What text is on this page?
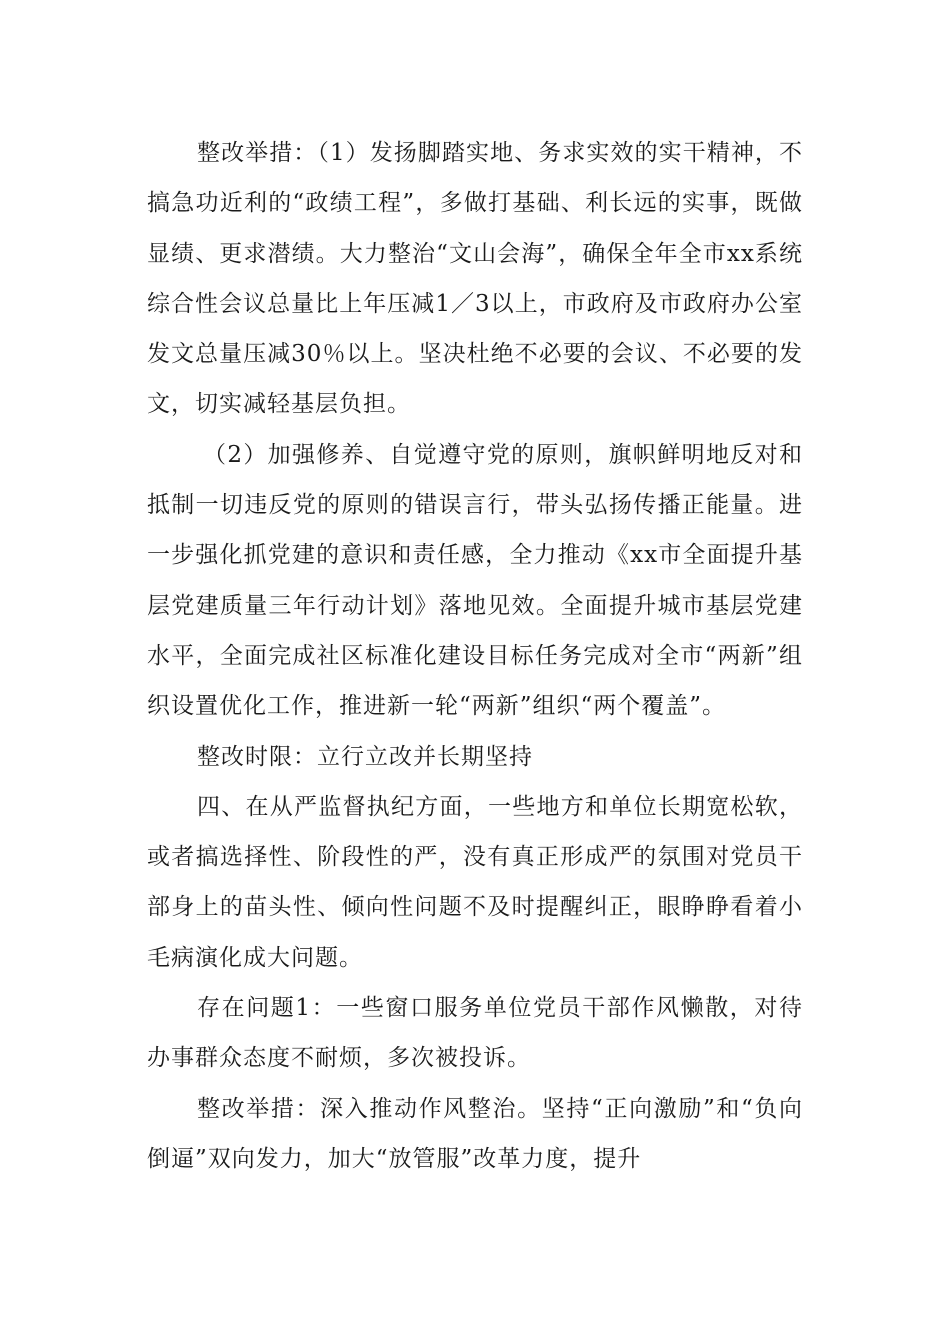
整改举措：（1）发扬脚踏实地、务求实效的实干精神，不搞急功近利的“政绩工程”，多做打基础、利长远的实事，既做显绩、更求潜绩。大力整治“文山会海”，确保全年全市xx系统综合性会议总量比上年压减1／3以上，市政府及市政府办公室发文总量压减30％以上。坚决杜绝不必要的会议、不必要的发文，切实减轻基层负担。

（2）加强修养、自觉遵守党的原则，旗帜鲜明地反对和抵制一切违反党的原则的错误言行，带头弘扬传播正能量。进一步强化抓党建的意识和责任感，全力推动《xx市全面提升基层党建质量三年行动计划》落地见效。全面提升城市基层党建水平，全面完成社区标准化建设目标任务完成对全市“两新”组织设置优化工作，推进新一轮“两新”组织“两个覆盖”。

整改时限：立行立改并长期坚持

四、在从严监督执纪方面，一些地方和单位长期宽松软，或者搞选择性、阶段性的严，没有真正形成严的氛围对党员干部身上的苗头性、倾向性问题不及时提醒纠正，眼睁睁看着小毛病演化成大问题。

存在问题1：一些窗口服务单位党员干部作风懒散，对待办事群众态度不耐烦，多次被投诉。

整改举措：深入推动作风整治。坚持“正向激励”和“负向倒逼”双向发力，加大“放管服”改革力度，提升
